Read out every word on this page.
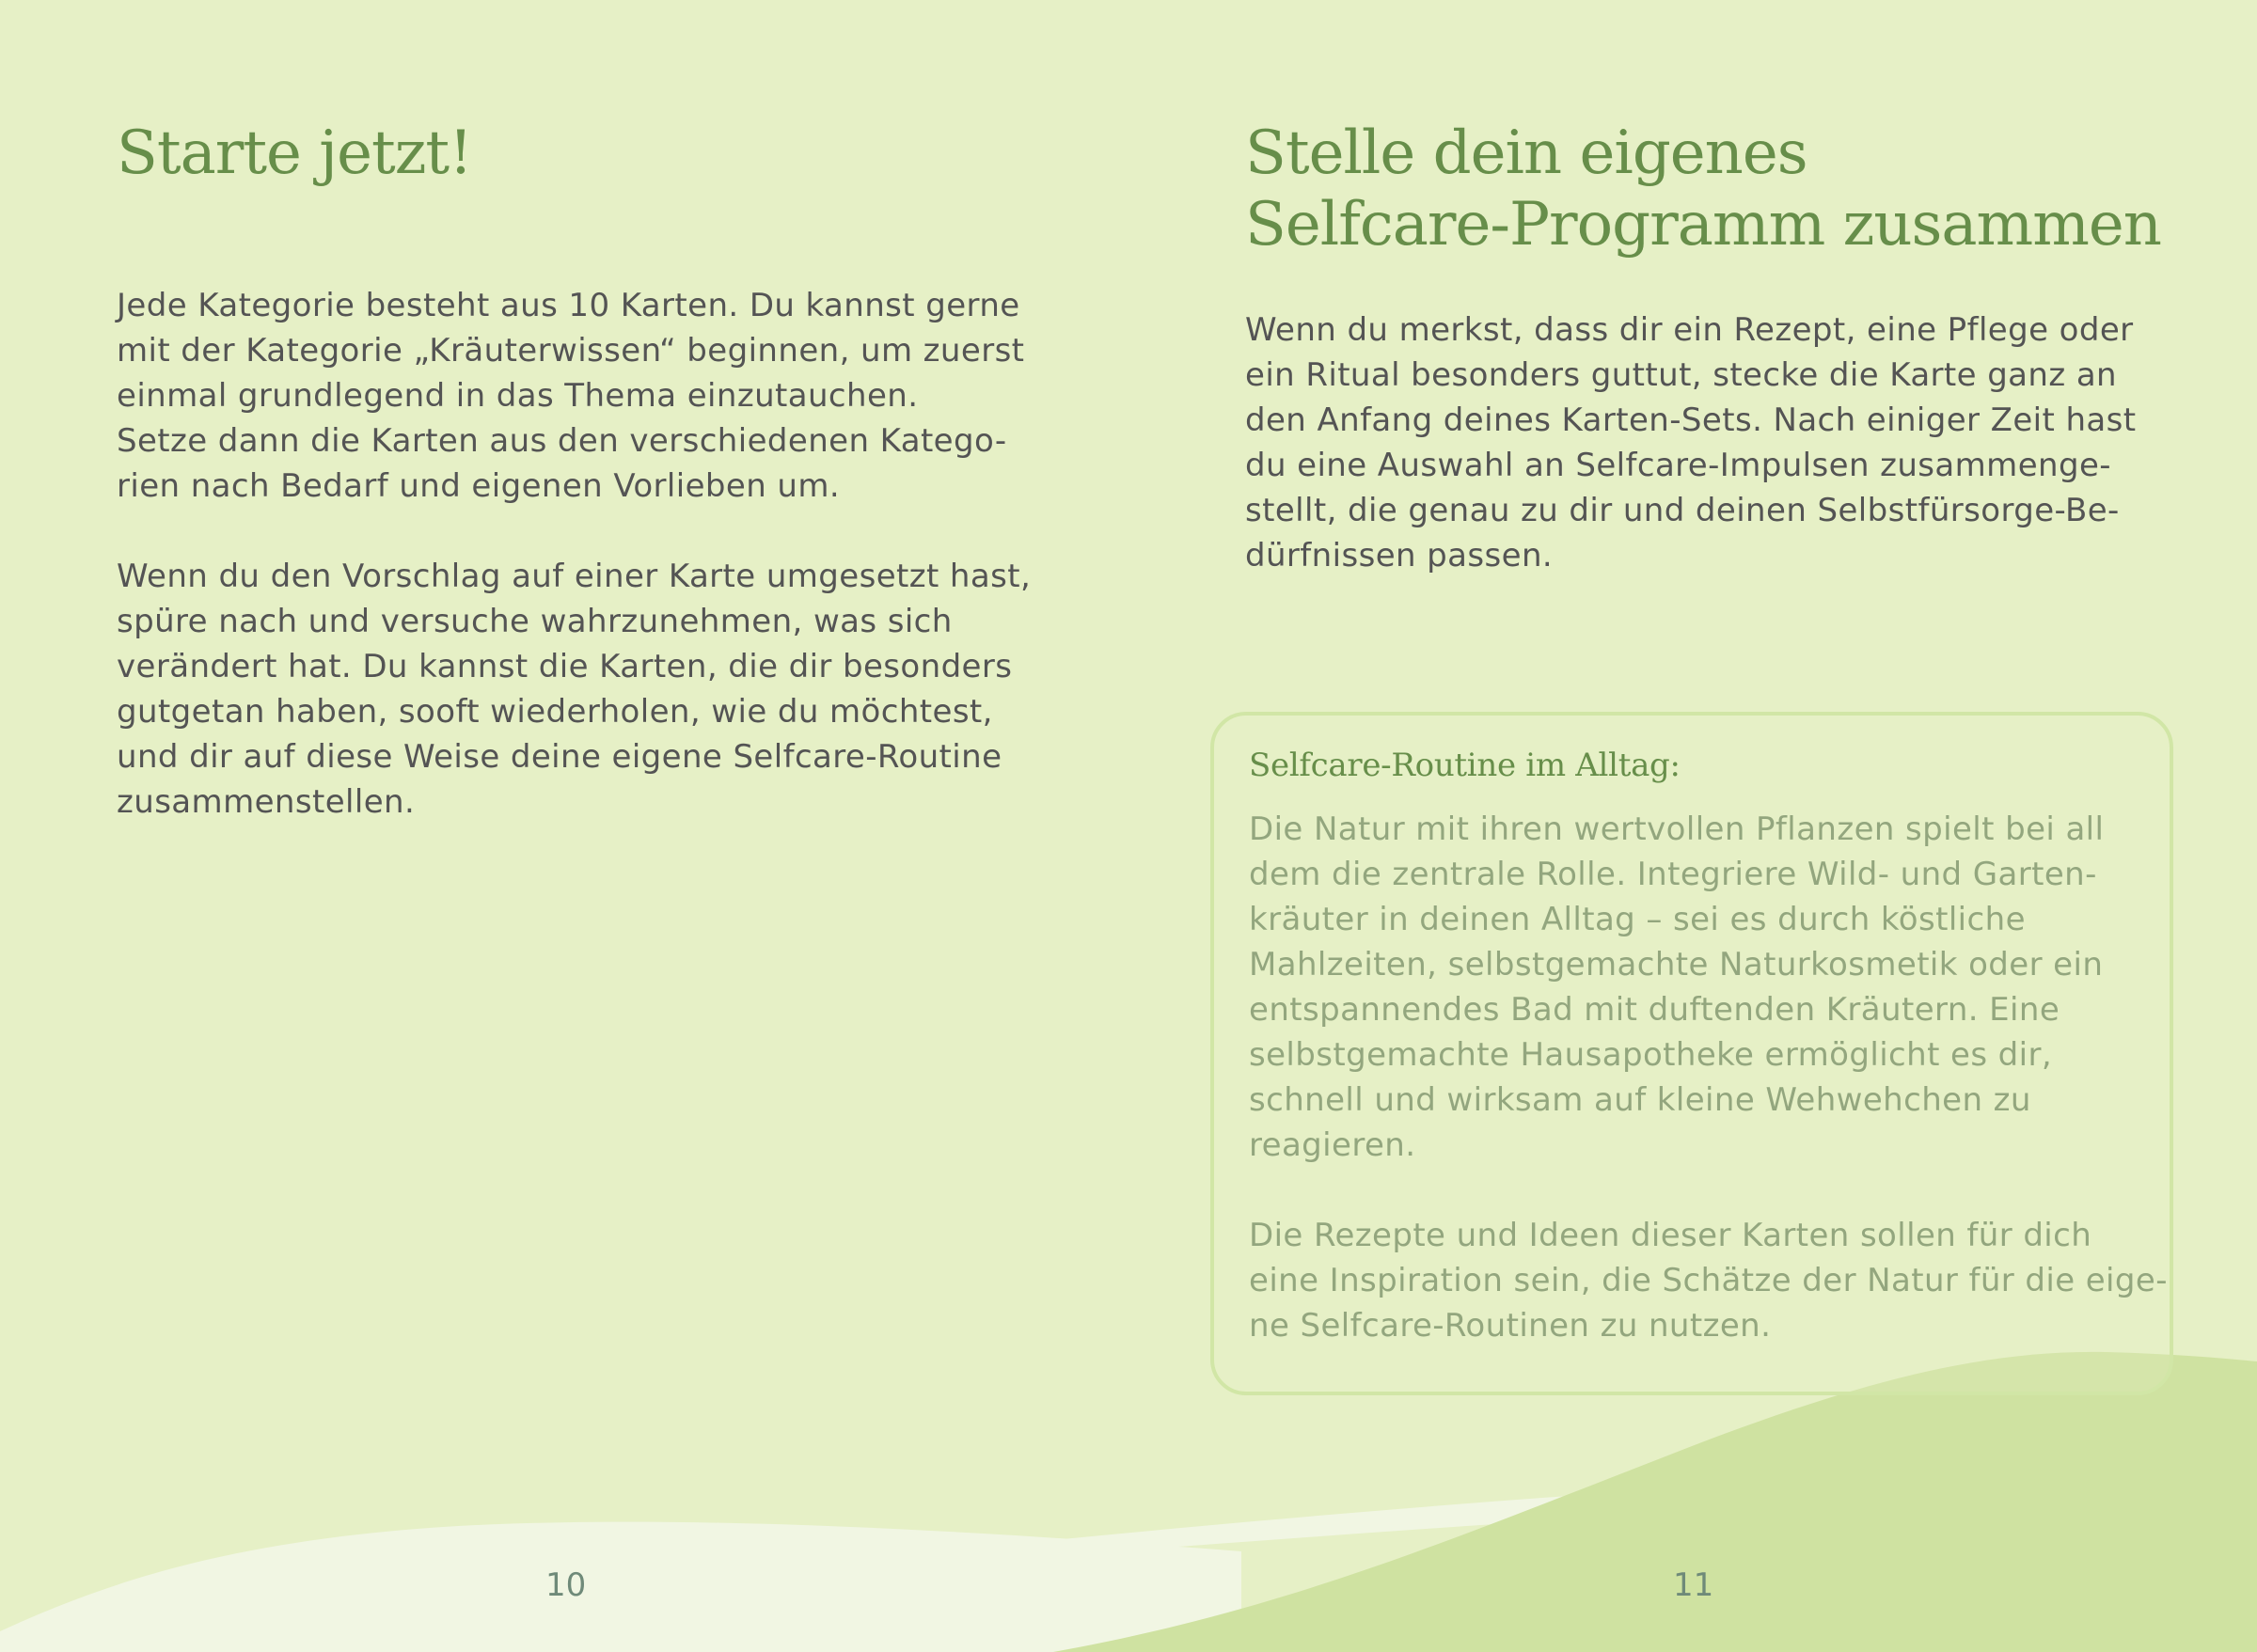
Starte jetzt!

Jede Kategorie besteht aus 10 Karten. Du kannst gerne
mit der Kategorie „Kräuterwissen“ beginnen, um zuerst
einmal grundlegend in das Thema einzutauchen.
Setze dann die Karten aus den verschiedenen Katego-
rien nach Bedarf und eigenen Vorlieben um.

Wenn du den Vorschlag auf einer Karte umgesetzt hast,
spüre nach und versuche wahrzunehmen, was sich
verändert hat. Du kannst die Karten, die dir besonders
gutgetan haben, sooft wiederholen, wie du möchtest,
und dir auf diese Weise deine eigene Selfcare-Routine
zusammenstellen.

Stelle dein eigenes
Selfcare-Programm zusammen

Wenn du merkst, dass dir ein Rezept, eine Pflege oder
ein Ritual besonders guttut, stecke die Karte ganz an
den Anfang deines Karten-Sets. Nach einiger Zeit hast
du eine Auswahl an Selfcare-Impulsen zusammenge-
stellt, die genau zu dir und deinen Selbstfürsorge-Be-
dürfnissen passen.

Selfcare-Routine im Alltag:

Die Natur mit ihren wertvollen Pflanzen spielt bei all
dem die zentrale Rolle. Integriere Wild- und Garten-
kräuter in deinen Alltag – sei es durch köstliche
Mahlzeiten, selbstgemachte Naturkosmetik oder ein
entspannendes Bad mit duftenden Kräutern. Eine
selbstgemachte Hausapotheke ermöglicht es dir,
schnell und wirksam auf kleine Wehwehchen zu
reagieren.

Die Rezepte und Ideen dieser Karten sollen für dich
eine Inspiration sein, die Schätze der Natur für die eige-
ne Selfcare-Routinen zu nutzen.

10	11
